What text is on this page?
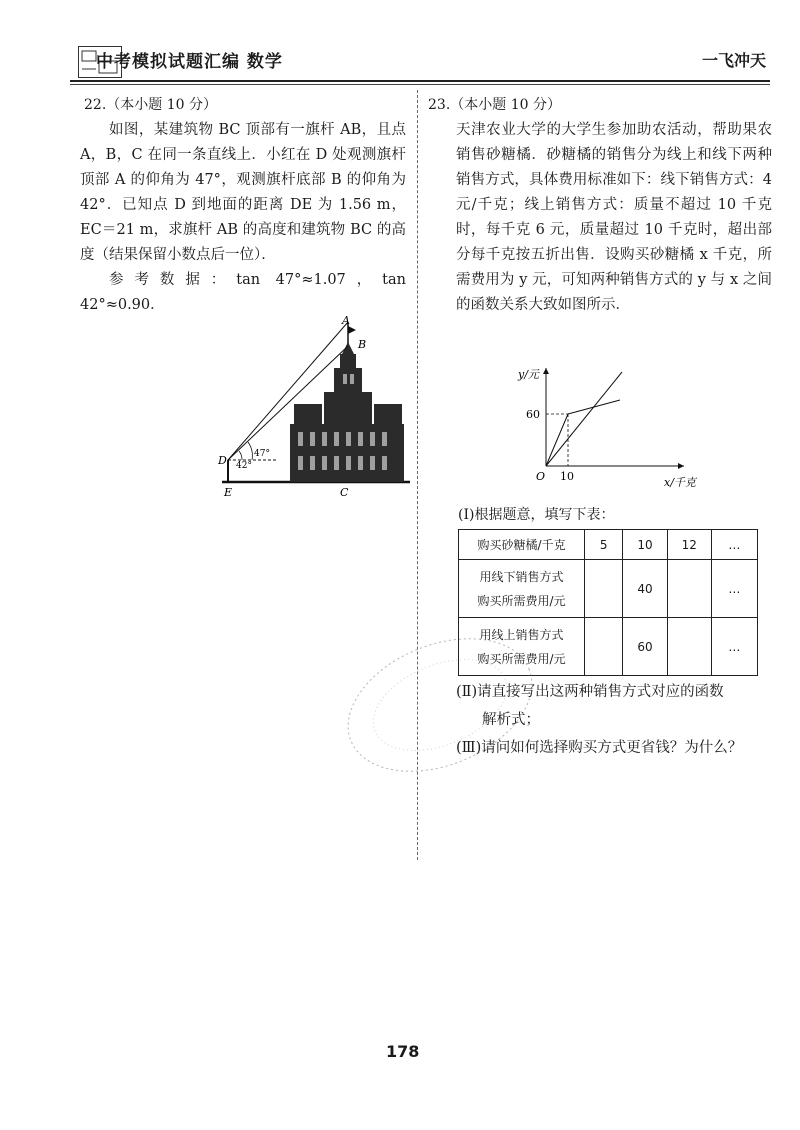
中考模拟试题汇编 数学	一飞冲天
22.（本小题 10 分）

如图，某建筑物 BC 顶部有一旗杆 AB，且点 A，B，C 在同一条直线上．小红在 D 处观测旗杆顶部 A 的仰角为 47°，观测旗杆底部 B 的仰角为 42°．已知点 D 到地面的距离 DE 为 1.56 m，EC＝21 m，求旗杆 AB 的高度和建筑物 BC 的高度（结果保留小数点后一位）．

参考数据：tan 47°≈1.07，tan 42°≈0.90．

47°
42°
A
B
C
D
E
23.（本小题 10 分）

天津农业大学的大学生参加助农活动，帮助果农销售砂糖橘．砂糖橘的销售分为线上和线下两种销售方式，具体费用标准如下：线下销售方式：4 元/千克；线上销售方式：质量不超过 10 千克时，每千克 6 元，质量超过 10 千克时，超出部分每千克按五折出售．设购买砂糖橘 x 千克，所需费用为 y 元，可知两种销售方式的 y 与 x 之间的函数关系大致如图所示．

y/元
x/千克
60
10
O
(Ⅰ)根据题意，填写下表：
购买砂糖橘/千克	5	10	12	…

用线下销售方式
购买所需费用/元		40		…

用线上销售方式
购买所需费用/元		60		…
(Ⅱ)请直接写出这两种销售方式对应的函数
解析式；
(Ⅲ)请问如何选择购买方式更省钱？为什么？
178
